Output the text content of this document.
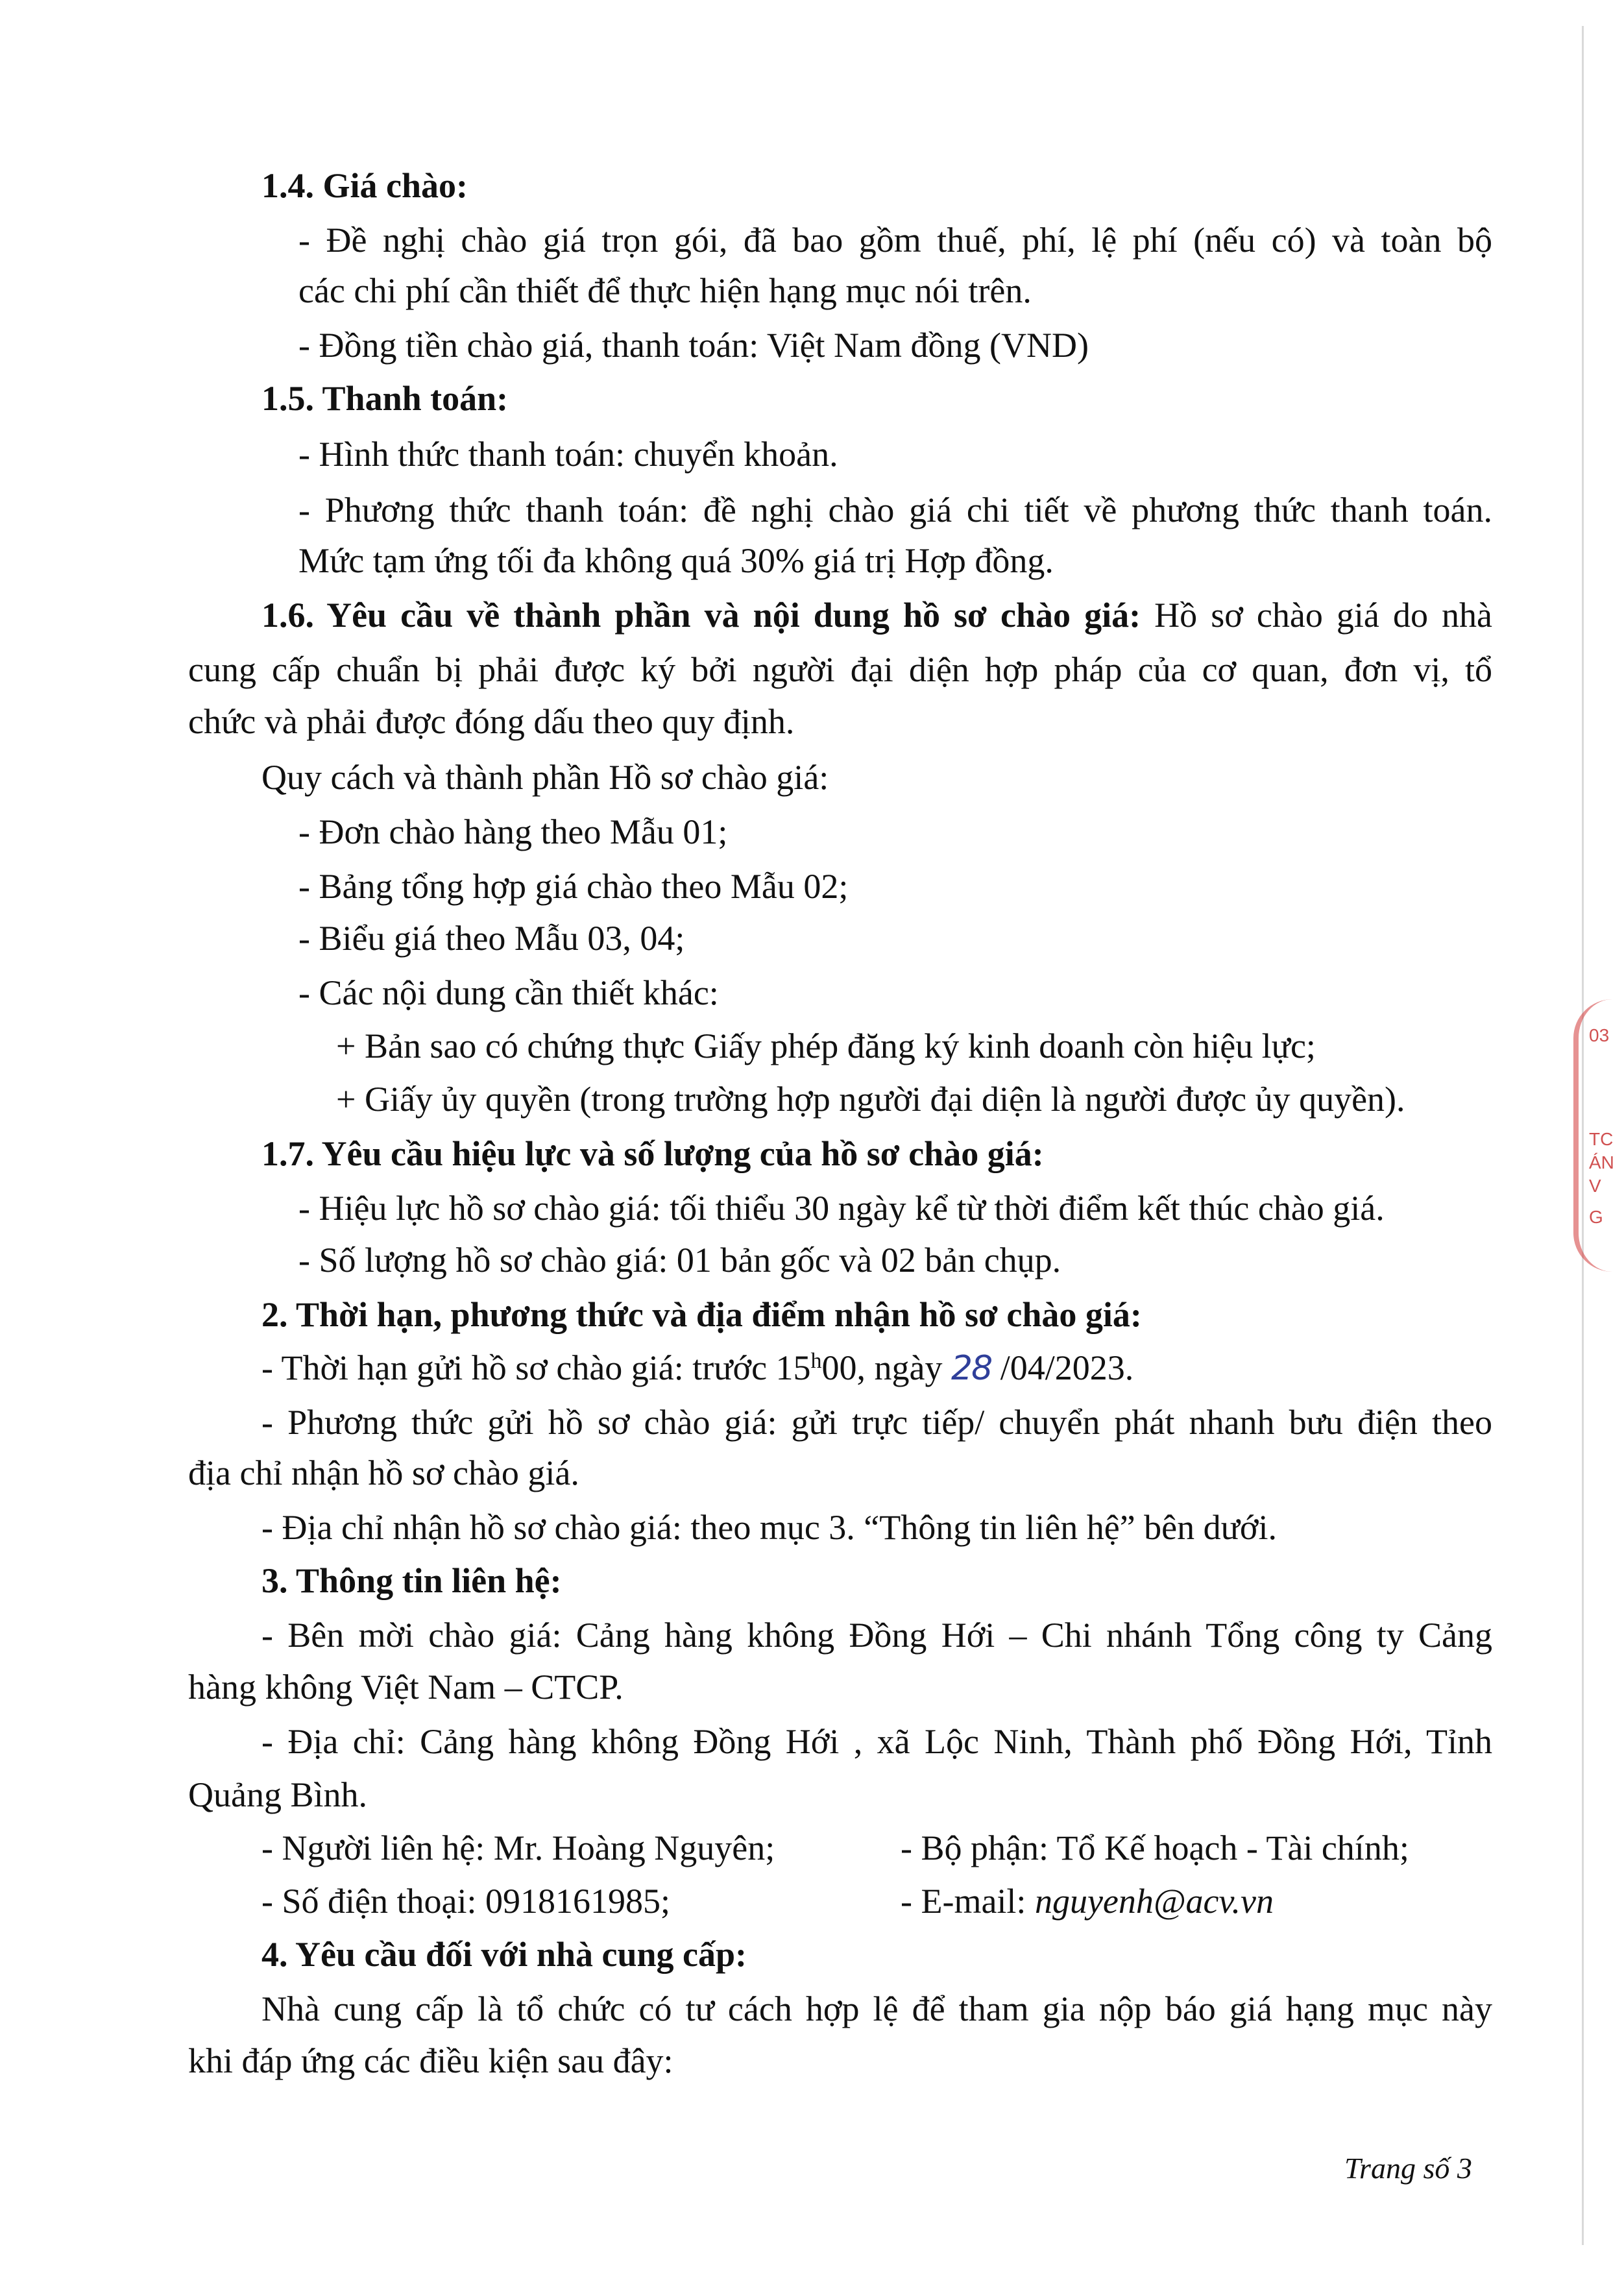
1.4. Giá chào:
- Đề nghị chào giá trọn gói, đã bao gồm thuế, phí, lệ phí (nếu có) và toàn bộ
các chi phí cần thiết để thực hiện hạng mục nói trên.
- Đồng tiền chào giá, thanh toán: Việt Nam đồng (VND)
1.5. Thanh toán:
- Hình thức thanh toán: chuyển khoản.
- Phương thức thanh toán: đề nghị chào giá chi tiết về phương thức thanh toán.
Mức tạm ứng tối đa không quá 30% giá trị Hợp đồng.
1.6. Yêu cầu về thành phần và nội dung hồ sơ chào giá: Hồ sơ chào giá do nhà
cung cấp chuẩn bị phải được ký bởi người đại diện hợp pháp của cơ quan, đơn vị, tổ
chức và phải được đóng dấu theo quy định.
Quy cách và thành phần Hồ sơ chào giá:
- Đơn chào hàng theo Mẫu 01;
- Bảng tổng hợp giá chào theo Mẫu 02;
- Biểu giá theo Mẫu 03, 04;
- Các nội dung cần thiết khác:
+ Bản sao có chứng thực Giấy phép đăng ký kinh doanh còn hiệu lực;
+ Giấy ủy quyền (trong trường hợp người đại diện là người được ủy quyền).
1.7. Yêu cầu hiệu lực và số lượng của hồ sơ chào giá:
- Hiệu lực hồ sơ chào giá: tối thiểu 30 ngày kể từ thời điểm kết thúc chào giá.
- Số lượng hồ sơ chào giá: 01 bản gốc và 02 bản chụp.
2. Thời hạn, phương thức và địa điểm nhận hồ sơ chào giá:
- Thời hạn gửi hồ sơ chào giá: trước 15$^h$00, ngày 28 /04/2023.
- Phương thức gửi hồ sơ chào giá: gửi trực tiếp/ chuyển phát nhanh bưu điện theo
địa chỉ nhận hồ sơ chào giá.
- Địa chỉ nhận hồ sơ chào giá: theo mục 3. “Thông tin liên hệ” bên dưới.
3. Thông tin liên hệ:
- Bên mời chào giá: Cảng hàng không Đồng Hới – Chi nhánh Tổng công ty Cảng
hàng không Việt Nam – CTCP.
- Địa chỉ: Cảng hàng không Đồng Hới , xã Lộc Ninh, Thành phố Đồng Hới, Tỉnh
Quảng Bình.
- Người liên hệ: Mr. Hoàng Nguyên;	- Bộ phận: Tổ Kế hoạch - Tài chính;
- Số điện thoại: 0918161985;	- E-mail: nguyenh@acv.vn
4. Yêu cầu đối với nhà cung cấp:
Nhà cung cấp là tổ chức có tư cách hợp lệ để tham gia nộp báo giá hạng mục này
khi đáp ứng các điều kiện sau đây:
Trang số 3
03
TC
ÁN
V
G
